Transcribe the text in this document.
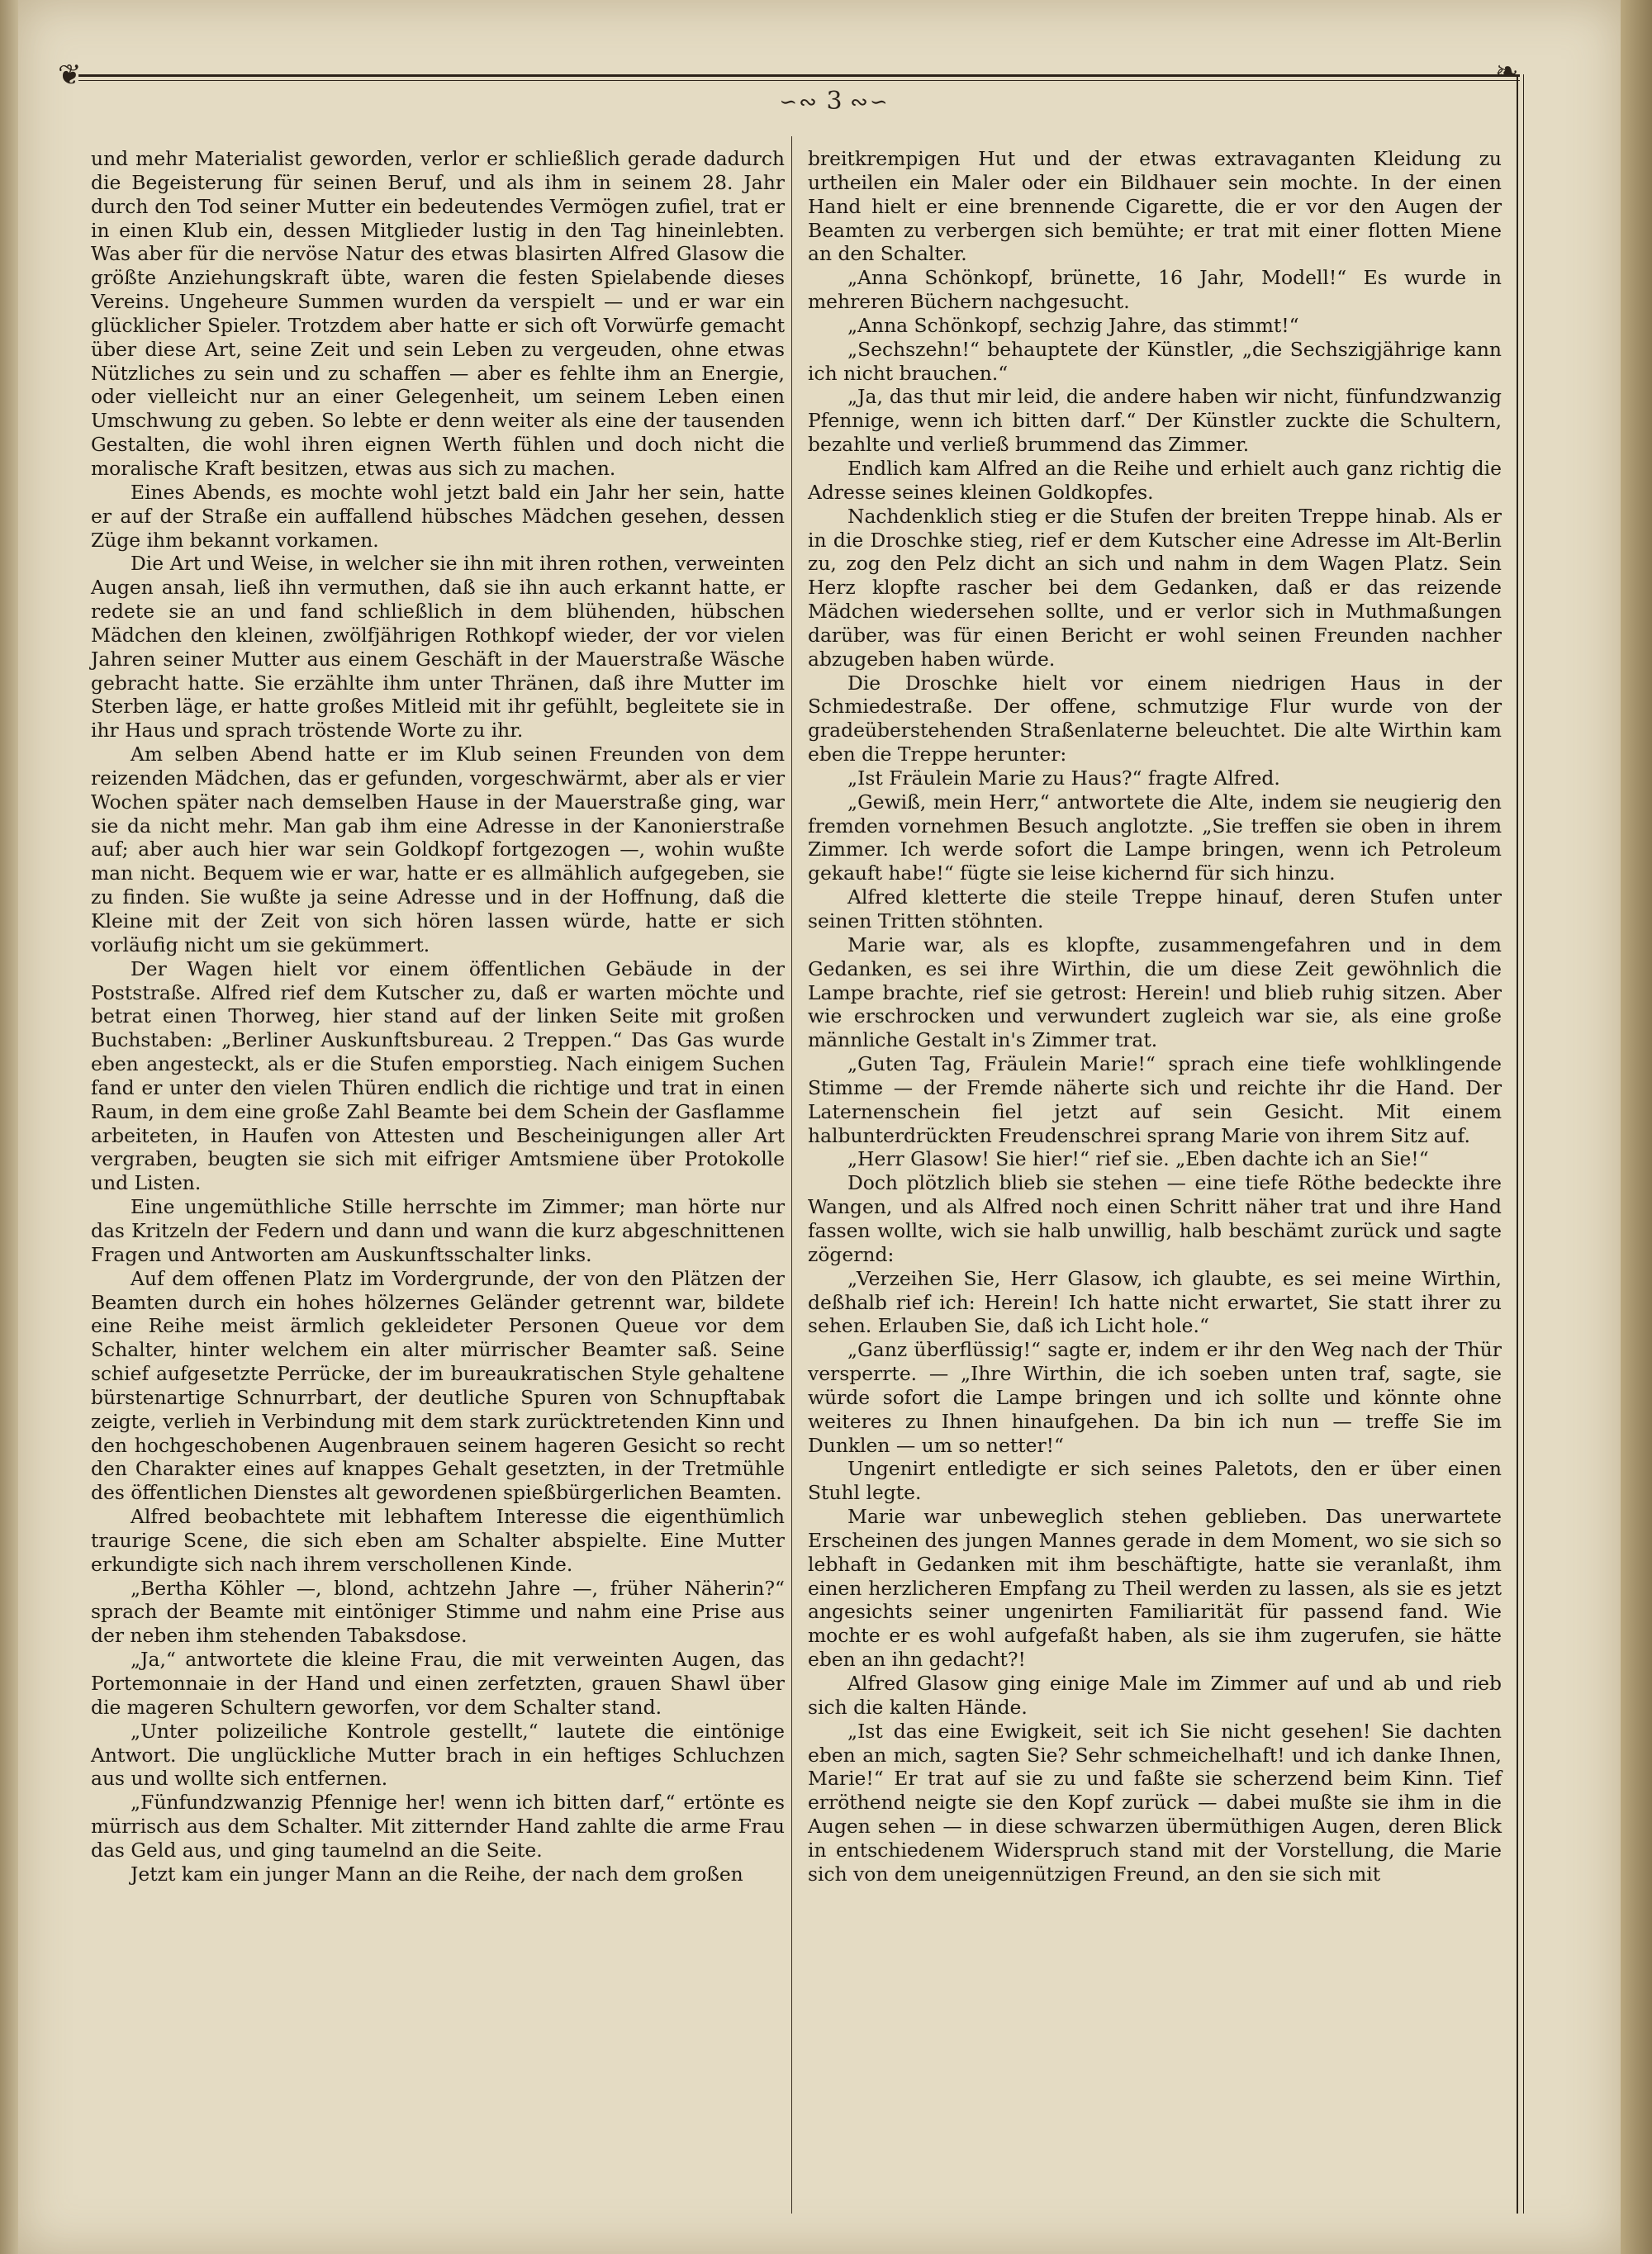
❦	❧
∽∾ 3 ∾∽

und mehr Materialist geworden, verlor er schließlich gerade dadurch die Begeisterung für seinen Beruf, und als ihm in seinem 28. Jahr durch den Tod seiner Mutter ein bedeutendes Vermögen zufiel, trat er in einen Klub ein, dessen Mitglieder lustig in den Tag hineinlebten. Was aber für die nervöse Natur des etwas blasirten Alfred Glasow die größte Anziehungskraft übte, waren die festen Spielabende dieses Vereins. Ungeheure Summen wurden da verspielt — und er war ein glücklicher Spieler. Trotzdem aber hatte er sich oft Vorwürfe gemacht über diese Art, seine Zeit und sein Leben zu vergeuden, ohne etwas Nützliches zu sein und zu schaffen — aber es fehlte ihm an Energie, oder vielleicht nur an einer Gelegenheit, um seinem Leben einen Umschwung zu geben. So lebte er denn weiter als eine der tausenden Gestalten, die wohl ihren eignen Werth fühlen und doch nicht die moralische Kraft besitzen, etwas aus sich zu machen.

Eines Abends, es mochte wohl jetzt bald ein Jahr her sein, hatte er auf der Straße ein auffallend hübsches Mädchen gesehen, dessen Züge ihm bekannt vorkamen.

Die Art und Weise, in welcher sie ihn mit ihren rothen, verweinten Augen ansah, ließ ihn vermuthen, daß sie ihn auch erkannt hatte, er redete sie an und fand schließlich in dem blühenden, hübschen Mädchen den kleinen, zwölfjährigen Rothkopf wieder, der vor vielen Jahren seiner Mutter aus einem Geschäft in der Mauerstraße Wäsche gebracht hatte. Sie erzählte ihm unter Thränen, daß ihre Mutter im Sterben läge, er hatte großes Mitleid mit ihr gefühlt, begleitete sie in ihr Haus und sprach tröstende Worte zu ihr.

Am selben Abend hatte er im Klub seinen Freunden von dem reizenden Mädchen, das er gefunden, vorgeschwärmt, aber als er vier Wochen später nach demselben Hause in der Mauerstraße ging, war sie da nicht mehr. Man gab ihm eine Adresse in der Kanonierstraße auf; aber auch hier war sein Goldkopf fortgezogen —, wohin wußte man nicht. Bequem wie er war, hatte er es allmählich aufgegeben, sie zu finden. Sie wußte ja seine Adresse und in der Hoffnung, daß die Kleine mit der Zeit von sich hören lassen würde, hatte er sich vorläufig nicht um sie gekümmert.

Der Wagen hielt vor einem öffentlichen Gebäude in der Poststraße. Alfred rief dem Kutscher zu, daß er warten möchte und betrat einen Thorweg, hier stand auf der linken Seite mit großen Buchstaben: „Berliner Auskunftsbureau. 2 Treppen.“ Das Gas wurde eben angesteckt, als er die Stufen emporstieg. Nach einigem Suchen fand er unter den vielen Thüren endlich die richtige und trat in einen Raum, in dem eine große Zahl Beamte bei dem Schein der Gasflamme arbeiteten, in Haufen von Attesten und Bescheinigungen aller Art vergraben, beugten sie sich mit eifriger Amtsmiene über Protokolle und Listen.

Eine ungemüthliche Stille herrschte im Zimmer; man hörte nur das Kritzeln der Federn und dann und wann die kurz abgeschnittenen Fragen und Antworten am Auskunftsschalter links.

Auf dem offenen Platz im Vordergrunde, der von den Plätzen der Beamten durch ein hohes hölzernes Geländer getrennt war, bildete eine Reihe meist ärmlich gekleideter Personen Queue vor dem Schalter, hinter welchem ein alter mürrischer Beamter saß. Seine schief aufgesetzte Perrücke, der im bureaukratischen Style gehaltene bürstenartige Schnurrbart, der deutliche Spuren von Schnupftabak zeigte, verlieh in Verbindung mit dem stark zurücktretenden Kinn und den hochgeschobenen Augenbrauen seinem hageren Gesicht so recht den Charakter eines auf knappes Gehalt gesetzten, in der Tretmühle des öffentlichen Dienstes alt gewordenen spießbürgerlichen Beamten.

Alfred beobachtete mit lebhaftem Interesse die eigenthümlich traurige Scene, die sich eben am Schalter abspielte. Eine Mutter erkundigte sich nach ihrem verschollenen Kinde.

„Bertha Köhler —, blond, achtzehn Jahre —, früher Näherin?“ sprach der Beamte mit eintöniger Stimme und nahm eine Prise aus der neben ihm stehenden Tabaksdose.

„Ja,“ antwortete die kleine Frau, die mit verweinten Augen, das Portemonnaie in der Hand und einen zerfetzten, grauen Shawl über die mageren Schultern geworfen, vor dem Schalter stand.

„Unter polizeiliche Kontrole gestellt,“ lautete die eintönige Antwort. Die unglückliche Mutter brach in ein heftiges Schluchzen aus und wollte sich entfernen.

„Fünfundzwanzig Pfennige her! wenn ich bitten darf,“ ertönte es mürrisch aus dem Schalter. Mit zitternder Hand zahlte die arme Frau das Geld aus, und ging taumelnd an die Seite.

Jetzt kam ein junger Mann an die Reihe, der nach dem großen

breitkrempigen Hut und der etwas extravaganten Kleidung zu urtheilen ein Maler oder ein Bildhauer sein mochte. In der einen Hand hielt er eine brennende Cigarette, die er vor den Augen der Beamten zu verbergen sich bemühte; er trat mit einer flotten Miene an den Schalter.

„Anna Schönkopf, brünette, 16 Jahr, Modell!“ Es wurde in mehreren Büchern nachgesucht.

„Anna Schönkopf, sechzig Jahre, das stimmt!“

„Sechszehn!“ behauptete der Künstler, „die Sechszigjährige kann ich nicht brauchen.“

„Ja, das thut mir leid, die andere haben wir nicht, fünfundzwanzig Pfennige, wenn ich bitten darf.“ Der Künstler zuckte die Schultern, bezahlte und verließ brummend das Zimmer.

Endlich kam Alfred an die Reihe und erhielt auch ganz richtig die Adresse seines kleinen Goldkopfes.

Nachdenklich stieg er die Stufen der breiten Treppe hinab. Als er in die Droschke stieg, rief er dem Kutscher eine Adresse im Alt-Berlin zu, zog den Pelz dicht an sich und nahm in dem Wagen Platz. Sein Herz klopfte rascher bei dem Gedanken, daß er das reizende Mädchen wiedersehen sollte, und er verlor sich in Muthmaßungen darüber, was für einen Bericht er wohl seinen Freunden nachher abzugeben haben würde.

Die Droschke hielt vor einem niedrigen Haus in der Schmiedestraße. Der offene, schmutzige Flur wurde von der gradeüberstehenden Straßenlaterne beleuchtet. Die alte Wirthin kam eben die Treppe herunter:

„Ist Fräulein Marie zu Haus?“ fragte Alfred.

„Gewiß, mein Herr,“ antwortete die Alte, indem sie neugierig den fremden vornehmen Besuch anglotzte. „Sie treffen sie oben in ihrem Zimmer. Ich werde sofort die Lampe bringen, wenn ich Petroleum gekauft habe!“ fügte sie leise kichernd für sich hinzu.

Alfred kletterte die steile Treppe hinauf, deren Stufen unter seinen Tritten stöhnten.

Marie war, als es klopfte, zusammengefahren und in dem Gedanken, es sei ihre Wirthin, die um diese Zeit gewöhnlich die Lampe brachte, rief sie getrost: Herein! und blieb ruhig sitzen. Aber wie erschrocken und verwundert zugleich war sie, als eine große männliche Gestalt in's Zimmer trat.

„Guten Tag, Fräulein Marie!“ sprach eine tiefe wohlklingende Stimme — der Fremde näherte sich und reichte ihr die Hand. Der Laternenschein fiel jetzt auf sein Gesicht. Mit einem halbunterdrückten Freudenschrei sprang Marie von ihrem Sitz auf.

„Herr Glasow! Sie hier!“ rief sie. „Eben dachte ich an Sie!“

Doch plötzlich blieb sie stehen — eine tiefe Röthe bedeckte ihre Wangen, und als Alfred noch einen Schritt näher trat und ihre Hand fassen wollte, wich sie halb unwillig, halb beschämt zurück und sagte zögernd:

„Verzeihen Sie, Herr Glasow, ich glaubte, es sei meine Wirthin, deßhalb rief ich: Herein! Ich hatte nicht erwartet, Sie statt ihrer zu sehen. Erlauben Sie, daß ich Licht hole.“

„Ganz überflüssig!“ sagte er, indem er ihr den Weg nach der Thür versperrte. — „Ihre Wirthin, die ich soeben unten traf, sagte, sie würde sofort die Lampe bringen und ich sollte und könnte ohne weiteres zu Ihnen hinaufgehen. Da bin ich nun — treffe Sie im Dunklen — um so netter!“

Ungenirt entledigte er sich seines Paletots, den er über einen Stuhl legte.

Marie war unbeweglich stehen geblieben. Das unerwartete Erscheinen des jungen Mannes gerade in dem Moment, wo sie sich so lebhaft in Gedanken mit ihm beschäftigte, hatte sie veranlaßt, ihm einen herzlicheren Empfang zu Theil werden zu lassen, als sie es jetzt angesichts seiner ungenirten Familiarität für passend fand. Wie mochte er es wohl aufgefaßt haben, als sie ihm zugerufen, sie hätte eben an ihn gedacht?!

Alfred Glasow ging einige Male im Zimmer auf und ab und rieb sich die kalten Hände.

„Ist das eine Ewigkeit, seit ich Sie nicht gesehen! Sie dachten eben an mich, sagten Sie? Sehr schmeichelhaft! und ich danke Ihnen, Marie!“ Er trat auf sie zu und faßte sie scherzend beim Kinn. Tief erröthend neigte sie den Kopf zurück — dabei mußte sie ihm in die Augen sehen — in diese schwarzen übermüthigen Augen, deren Blick in entschiedenem Widerspruch stand mit der Vorstellung, die Marie sich von dem uneigennützigen Freund, an den sie sich mit
